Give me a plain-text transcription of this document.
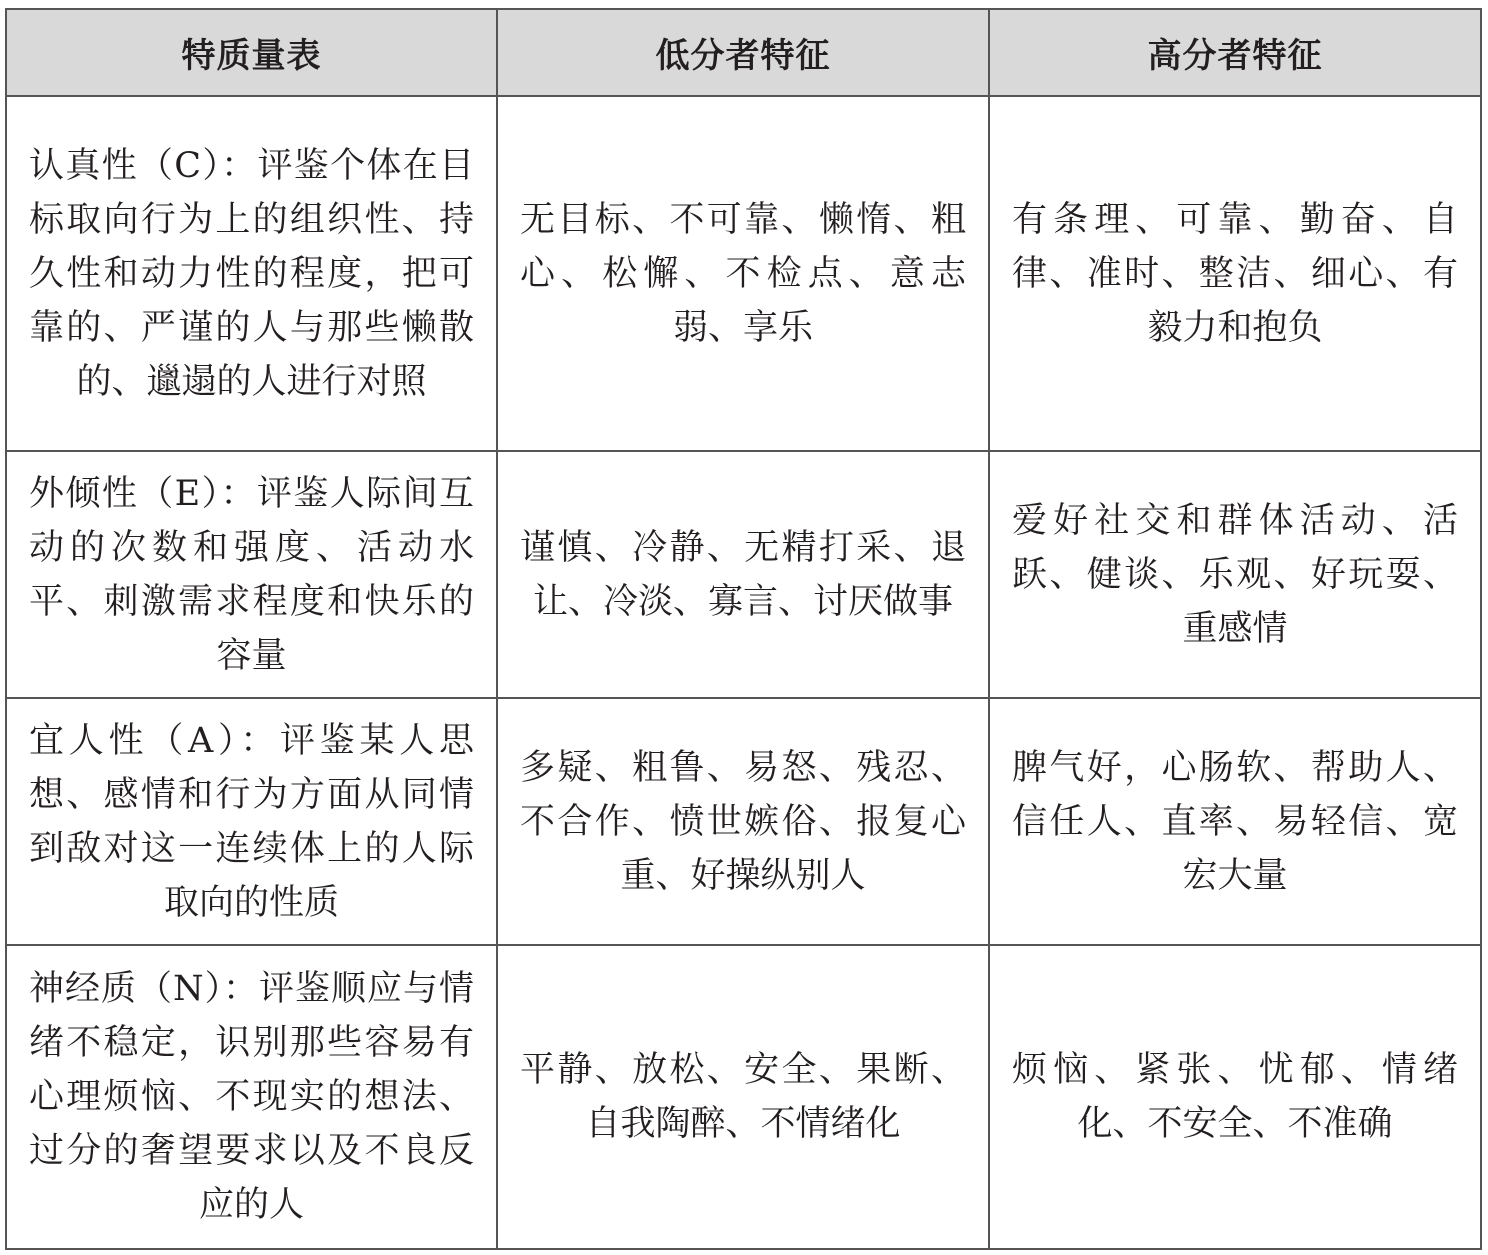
特质量表	低分者特征	高分者特征
认真性（C）：评鉴个体在目标取向行为上的组织性、持久性和动力性的程度，把可靠的、严谨的人与那些懒散的、邋遢的人进行对照	无目标、不可靠、懒惰、粗心、松懈、不检点、意志弱、享乐	有条理、可靠、勤奋、自律、准时、整洁、细心、有毅力和抱负
外倾性（E）：评鉴人际间互动的次数和强度、活动水平、刺激需求程度和快乐的容量	谨慎、冷静、无精打采、退让、冷淡、寡言、讨厌做事	爱好社交和群体活动、活跃、健谈、乐观、好玩耍、重感情
宜人性（A）：评鉴某人思想、感情和行为方面从同情到敌对这一连续体上的人际取向的性质	多疑、粗鲁、易怒、残忍、不合作、愤世嫉俗、报复心重、好操纵别人	脾气好，心肠软、帮助人、信任人、直率、易轻信、宽宏大量
神经质（N）：评鉴顺应与情绪不稳定，识别那些容易有心理烦恼、不现实的想法、过分的奢望要求以及不良反应的人	平静、放松、安全、果断、自我陶醉、不情绪化	烦恼、紧张、忧郁、情绪化、不安全、不准确
